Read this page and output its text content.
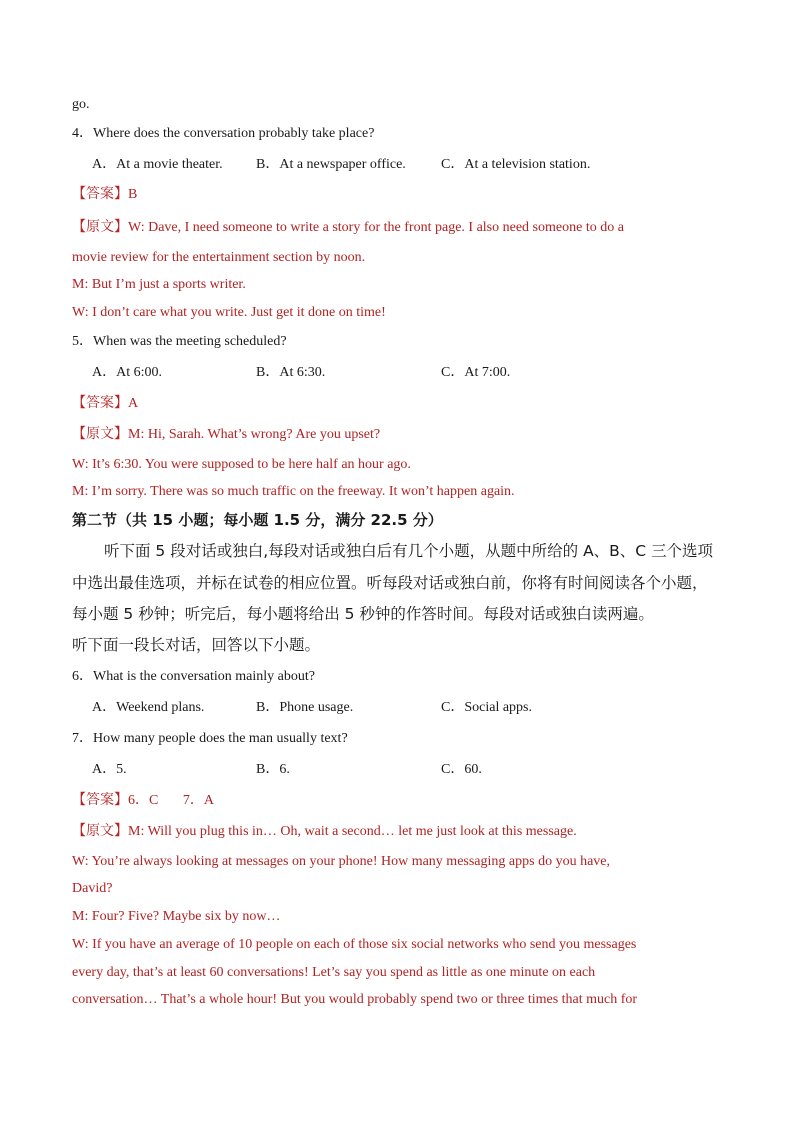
go.
4．Where does the conversation probably take place?
A．At a movie theater. B．At a newspaper office.	C．At a television station.
【答案】B
【原文】W: Dave, I need someone to write a story for the front page. I also need someone to do a
movie review for the entertainment section by noon.
M: But I’m just a sports writer.
W: I don’t care what you write. Just get it done on time!
5．When was the meeting scheduled?
A．At 6:00.	B．At 6:30.	C．At 7:00.
【答案】A
【原文】M: Hi, Sarah. What’s wrong? Are you upset?
W: It’s 6:30. You were supposed to be here half an hour ago.
M: I’m sorry. There was so much traffic on the freeway. It won’t happen again.
第二节（共 15 小题；每小题 1.5 分，满分 22.5 分）
听下面 5 段对话或独白,每段对话或独白后有几个小题，从题中所给的 A、B、C 三个选项
中选出最佳选项，并标在试卷的相应位置。听每段对话或独白前，你将有时间阅读各个小题，
每小题 5 秒钟；听完后，每小题将给出 5 秒钟的作答时间。每段对话或独白读两遍。
听下面一段长对话，回答以下小题。
6．What is the conversation mainly about?
A．Weekend plans.	B．Phone usage.	C．Social apps.
7．How many people does the man usually text?
A．5.	B．6.	C．60.
【答案】6．C       7．A
【原文】M: Will you plug this in… Oh, wait a second… let me just look at this message.
W: You’re always looking at messages on your phone! How many messaging apps do you have,
David?
M: Four? Five? Maybe six by now…
W: If you have an average of 10 people on each of those six social networks who send you messages
every day, that’s at least 60 conversations! Let’s say you spend as little as one minute on each
conversation… That’s a whole hour! But you would probably spend two or three times that much for
